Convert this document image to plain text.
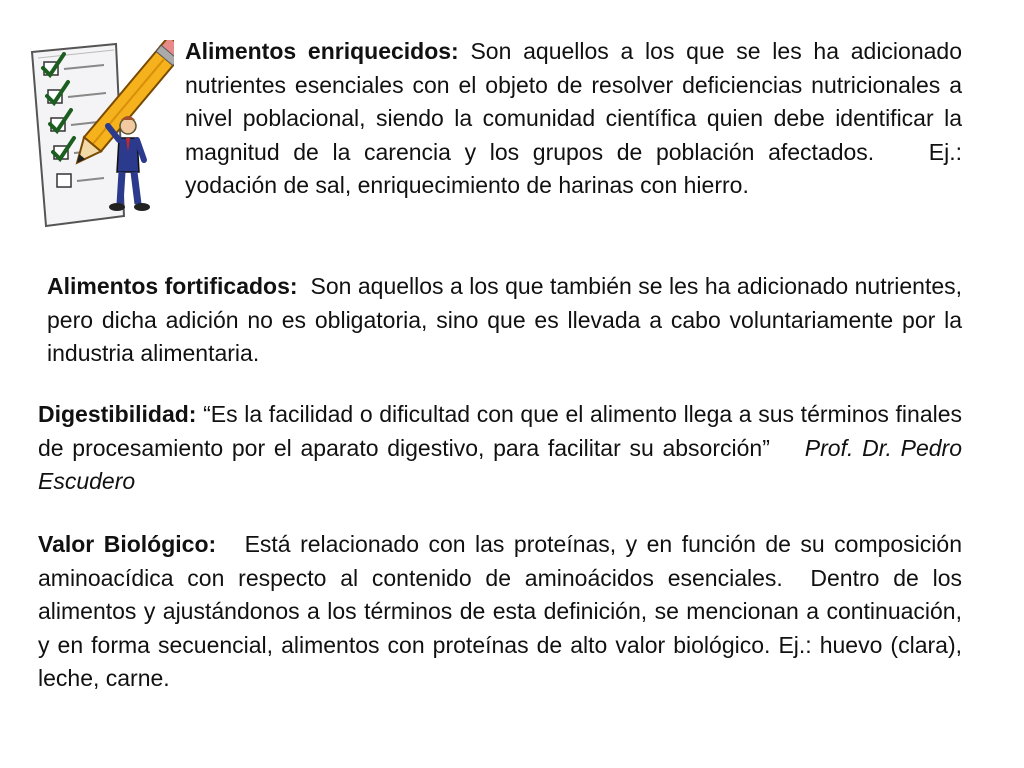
Alimentos enriquecidos: Son aquellos a los que se les ha adicionado nutrientes esenciales con el objeto de resolver deficiencias nutricionales a nivel poblacional, siendo la comunidad científica quien debe identificar la magnitud de la carencia y los grupos de población afectados. Ej.: yodación de sal, enriquecimiento de harinas con hierro.

Alimentos fortificados: Son aquellos a los que también se les ha adicionado nutrientes, pero dicha adición no es obligatoria, sino que es llevada a cabo voluntariamente por la industria alimentaria.

Digestibilidad: “Es la facilidad o dificultad con que el alimento llega a sus términos finales de procesamiento por el aparato digestivo, para facilitar su absorción” Prof. Dr. Pedro Escudero

Valor Biológico: Está relacionado con las proteínas, y en función de su composición aminoacídica con respecto al contenido de aminoácidos esenciales. Dentro de los alimentos y ajustándonos a los términos de esta definición, se mencionan a continuación, y en forma secuencial, alimentos con proteínas de alto valor biológico. Ej.: huevo (clara), leche, carne.
